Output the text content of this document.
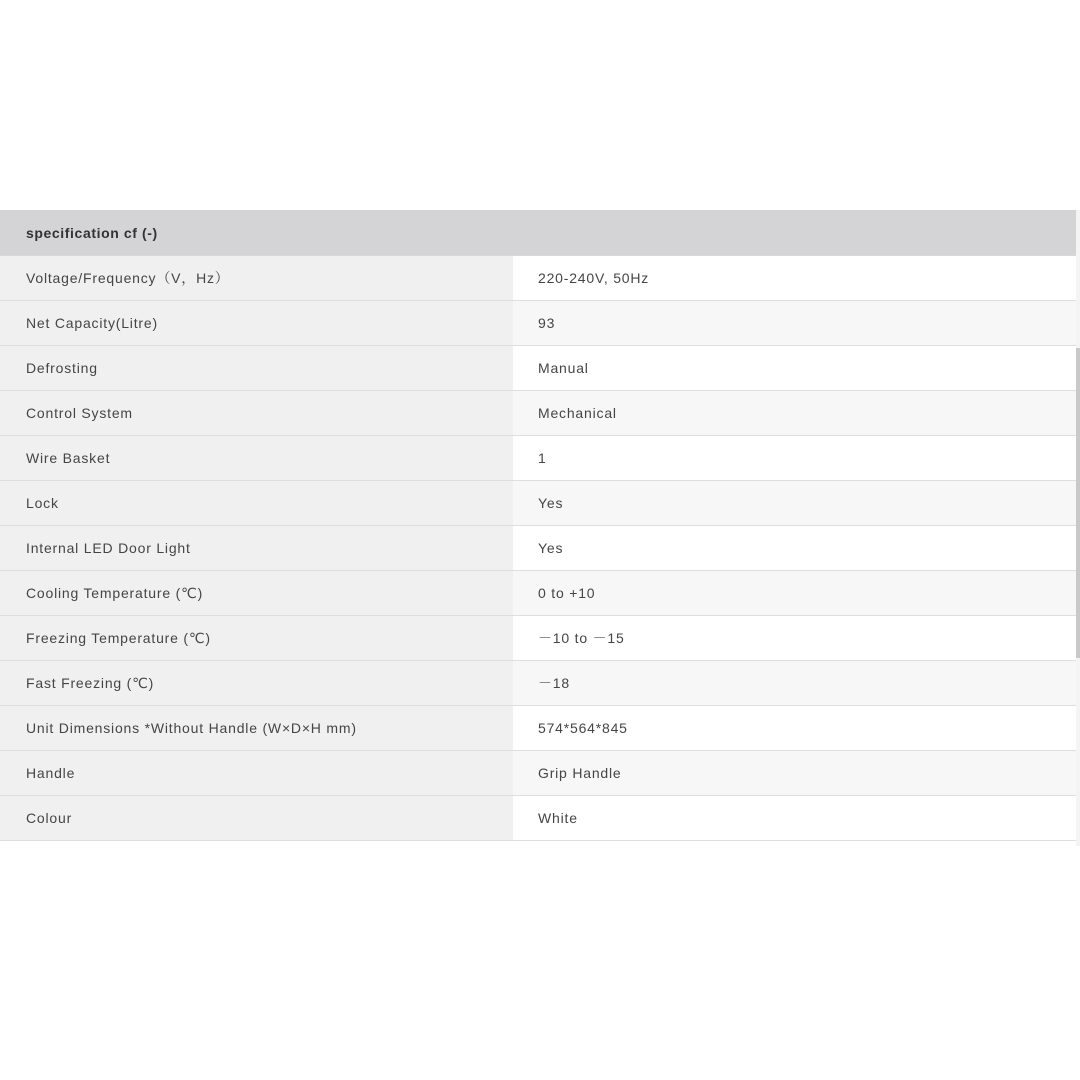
specification cf (-)	
Voltage/Frequency（V，Hz）	220-240V, 50Hz
Net Capacity(Litre)	93
Defrosting	Manual
Control System	Mechanical
Wire Basket	1
Lock	Yes
Internal LED Door Light	Yes
Cooling Temperature (℃)	0 to +10
Freezing Temperature (℃)	－10 to －15
Fast Freezing (℃)	－18
Unit Dimensions *Without Handle (W×D×H mm)	574*564*845
Handle	Grip Handle
Colour	White
